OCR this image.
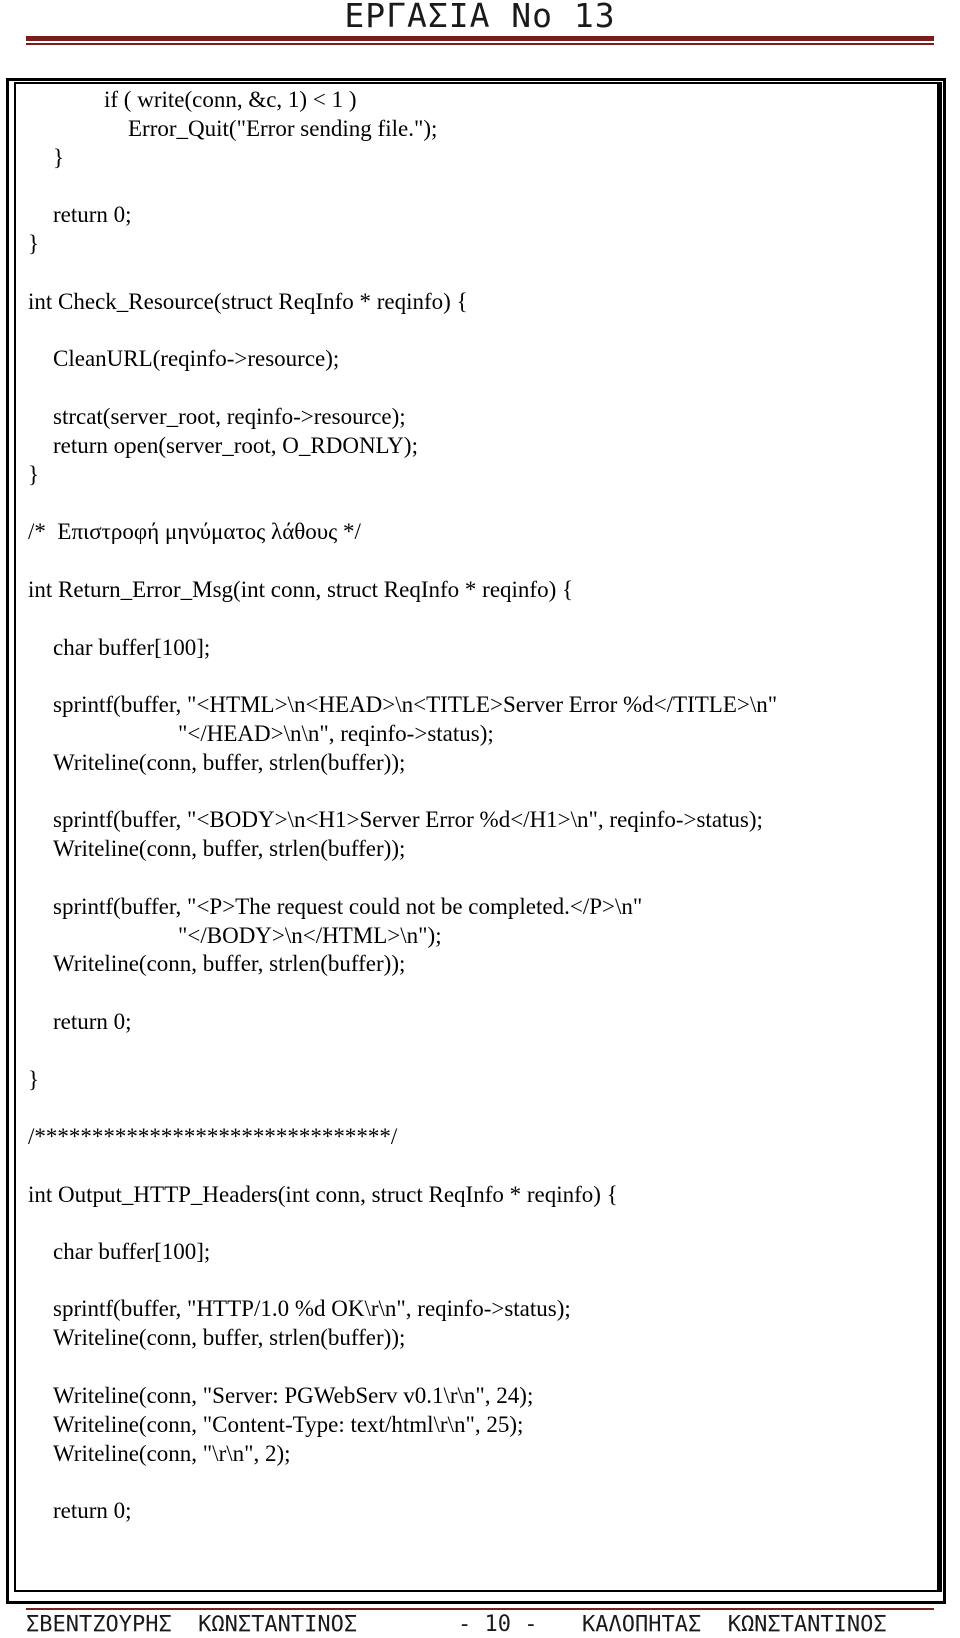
ΕΡΓΑΣΙΑ Νο 13
if ( write(conn, &c, 1) < 1 )
Error_Quit("Error sending file.");
}
return 0;
}
int Check_Resource(struct ReqInfo * reqinfo) {
CleanURL(reqinfo->resource);
strcat(server_root, reqinfo->resource);
return open(server_root, O_RDONLY);
}
/*  Επιστροφή μηνύματος λάθους */
int Return_Error_Msg(int conn, struct ReqInfo * reqinfo) {
char buffer[100];
sprintf(buffer, "<HTML>\n<HEAD>\n<TITLE>Server Error %d</TITLE>\n"
"</HEAD>\n\n", reqinfo->status);
Writeline(conn, buffer, strlen(buffer));
sprintf(buffer, "<BODY>\n<H1>Server Error %d</H1>\n", reqinfo->status);
Writeline(conn, buffer, strlen(buffer));
sprintf(buffer, "<P>The request could not be completed.</P>\n"
"</BODY>\n</HTML>\n");
Writeline(conn, buffer, strlen(buffer));
return 0;
}
/*******************************/
int Output_HTTP_Headers(int conn, struct ReqInfo * reqinfo) {
char buffer[100];
sprintf(buffer, "HTTP/1.0 %d OK\r\n", reqinfo->status);
Writeline(conn, buffer, strlen(buffer));
Writeline(conn, "Server: PGWebServ v0.1\r\n", 24);
Writeline(conn, "Content-Type: text/html\r\n", 25);
Writeline(conn, "\r\n", 2);
return 0;
ΣΒΕΝΤΖΟΥΡΗΣ  ΚΩΝΣΤΑΝΤΙΝΟΣ	- 10 - ΚΑΛΟΠΗΤΑΣ  ΚΩΝΣΤΑΝΤΙΝΟΣ
